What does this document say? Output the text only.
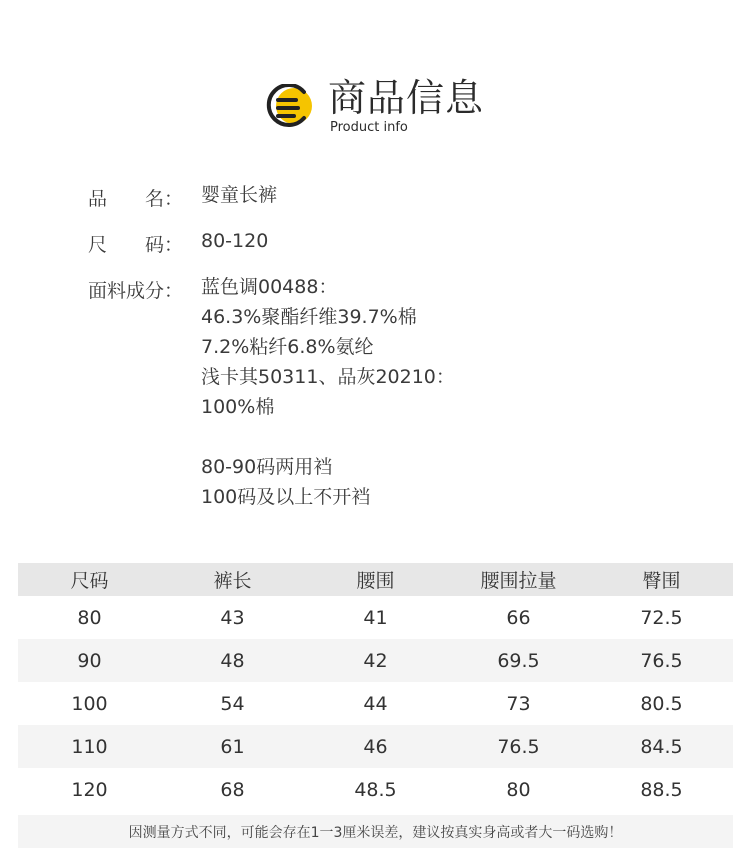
商品信息
Product info
品　　名： 婴童长裤
尺　　码： 80-120
面料成分： 蓝色调00488：
46.3%聚酯纤维39.7%棉
7.2%粘纤6.8%氨纶
浅卡其50311、品灰20210：
100%棉
80-90码两用裆
100码及以上不开裆
尺码	裤长	腰围	腰围拉量	臀围
80	43	41	66	72.5
90	48	42	69.5	76.5
100	54	44	73	80.5
110	61	46	76.5	84.5
120	68	48.5	80	88.5
因测量方式不同，可能会存在1一3厘米误差，建议按真实身高或者大一码选购！
